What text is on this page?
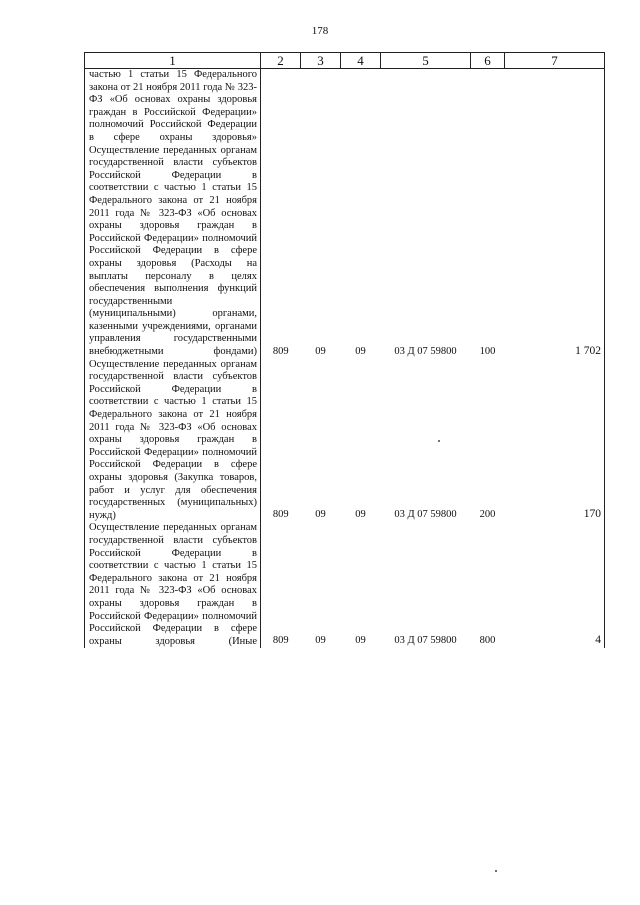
178
1	2	3	4	5	6	7
частью 1 статьи 15 Федерального закона от 21 ноября 2011 года № 323-ФЗ «Об основах охраны здоровья граждан в Российской Федерации» полномочий Российской Федерации в сфере охраны здоровья»						
Осуществление переданных органам государственной власти субъектов Российской Федерации в соответствии с частью 1 статьи 15 Федерального закона от 21 ноября 2011 года № 323-ФЗ «Об основах охраны здоровья граждан в Российской Федерации» полномочий Российской Федерации в сфере охраны здоровья (Расходы на выплаты персоналу в целях обеспечения выполнения функций государственными (муниципальными) органами, казенными учреждениями, органами управления государственными внебюджетными фондами)	809	09	09	03 Д 07 59800	100	1 702
Осуществление переданных органам государственной власти субъектов Российской Федерации в соответствии с частью 1 статьи 15 Федерального закона от 21 ноября 2011 года № 323-ФЗ «Об основах охраны здоровья граждан в Российской Федерации» полномочий Российской Федерации в сфере охраны здоровья (Закупка товаров, работ и услуг для обеспечения государственных (муниципальных) нужд)	809	09	09	03 Д 07 59800	200	170
Осуществление переданных органам государственной власти субъектов Российской Федерации в соответствии с частью 1 статьи 15 Федерального закона от 21 ноября 2011 года № 323-ФЗ «Об основах охраны здоровья граждан в Российской Федерации» полномочий Российской Федерации в сфере охраны здоровья (Иные	809	09	09	03 Д 07 59800	800	4
